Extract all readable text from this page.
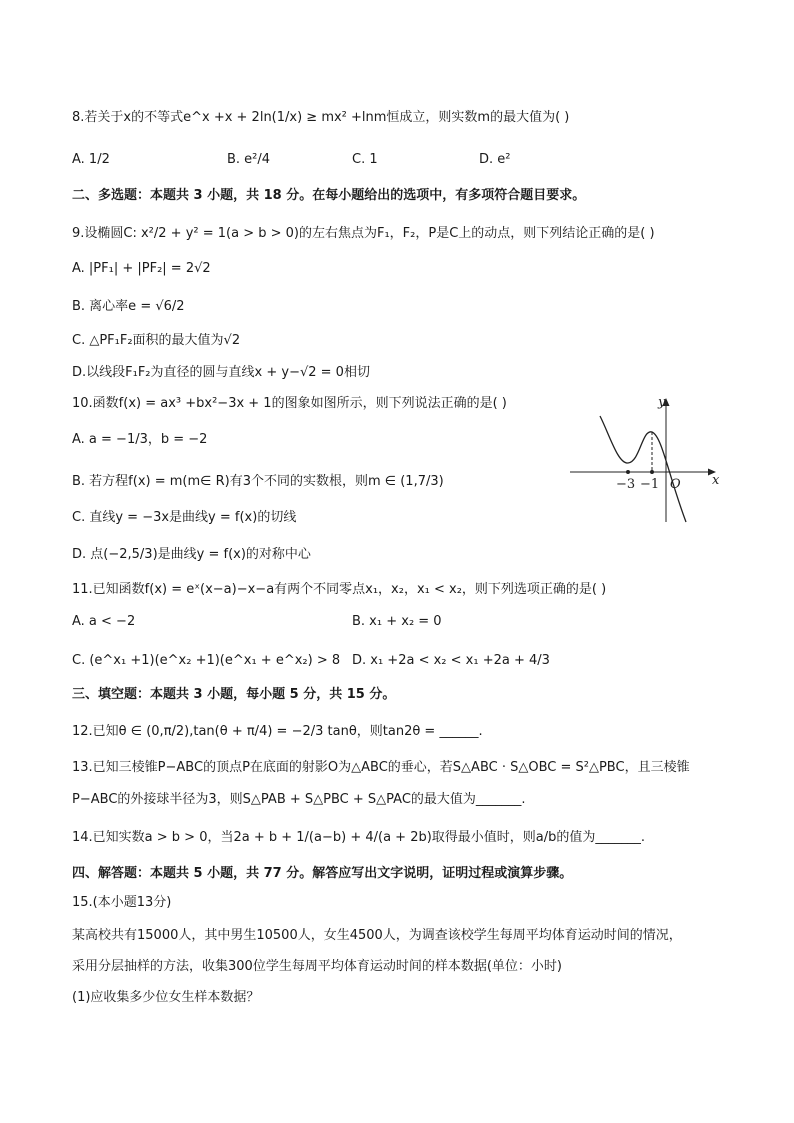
8.若关于x的不等式e^x +x + 2ln(1/x) ≥ mx² +lnm恒成立，则实数m的最大值为( )
A. 1/2	B. e²/4	C. 1	D. e²
二、多选题：本题共 3 小题，共 18 分。在每小题给出的选项中，有多项符合题目要求。
9.设椭圆C: x²/2 + y² = 1(a > b > 0)的左右焦点为F₁，F₂，P是C上的动点，则下列结论正确的是( )
A. |PF₁| + |PF₂| = 2√2
B. 离心率e = √6/2
C. △PF₁F₂面积的最大值为√2
D.以线段F₁F₂为直径的圆与直线x + y−√2 = 0相切
10.函数f(x) = ax³ +bx²−3x + 1的图象如图所示，则下列说法正确的是( )
A. a = −1/3，b = −2
B. 若方程f(x) = m(m∈ R)有3个不同的实数根，则m ∈ (1,7/3)
C. 直线y = −3x是曲线y = f(x)的切线
D. 点(−2,5/3)是曲线y = f(x)的对称中心
y
x
O
−3 −1
11.已知函数f(x) = eˣ(x−a)−x−a有两个不同零点x₁，x₂，x₁ < x₂，则下列选项正确的是( )
A. a < −2	B. x₁ + x₂ = 0
C. (e^x₁ +1)(e^x₂ +1)(e^x₁ + e^x₂) > 8 D. x₁ +2a < x₂ < x₁ +2a + 4/3
三、填空题：本题共 3 小题，每小题 5 分，共 15 分。
12.已知θ ∈ (0,π/2),tan(θ + π/4) = −2/3 tanθ，则tan2θ = ______.
13.已知三棱锥P−ABC的顶点P在底面的射影O为△ABC的垂心，若S△ABC · S△OBC = S²△PBC，且三棱锥
P−ABC的外接球半径为3，则S△PAB + S△PBC + S△PAC的最大值为_______.
14.已知实数a > b > 0，当2a + b + 1/(a−b) + 4/(a + 2b)取得最小值时，则a/b的值为_______.
四、解答题：本题共 5 小题，共 77 分。解答应写出文字说明，证明过程或演算步骤。
15.(本小题13分)
某高校共有15000人，其中男生10500人，女生4500人，为调查该校学生每周平均体育运动时间的情况，
采用分层抽样的方法，收集300位学生每周平均体育运动时间的样本数据(单位：小时)
(1)应收集多少位女生样本数据？
